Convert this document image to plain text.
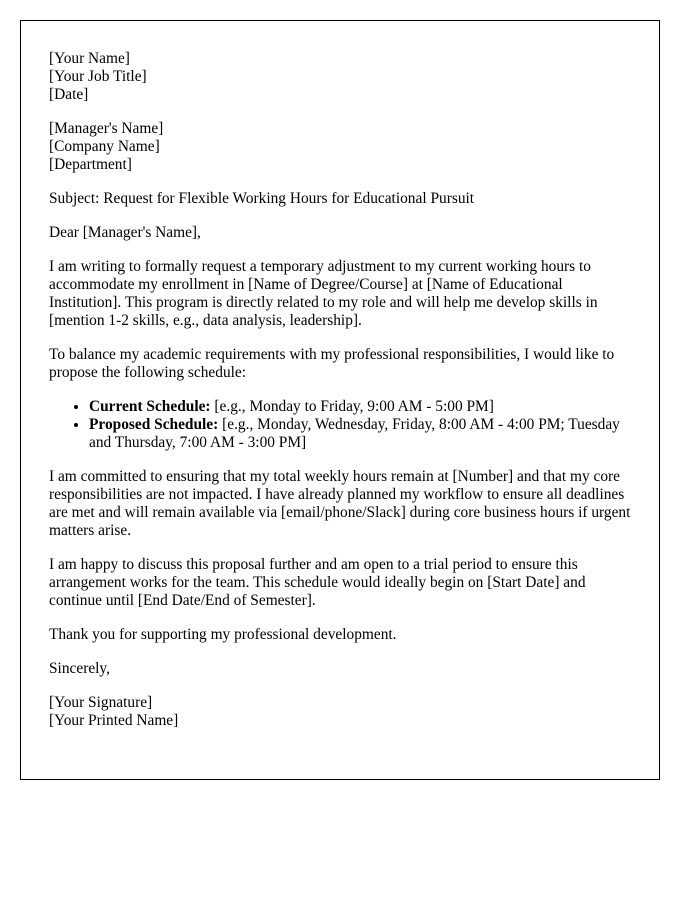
[Your Name]
[Your Job Title]
[Date]
[Manager's Name]
[Company Name]
[Department]

Subject: Request for Flexible Working Hours for Educational Pursuit

Dear [Manager's Name],

I am writing to formally request a temporary adjustment to my current working hours to accommodate my enrollment in [Name of Degree/Course] at [Name of Educational Institution]. This program is directly related to my role and will help me develop skills in [mention 1-2 skills, e.g., data analysis, leadership].

To balance my academic requirements with my professional responsibilities, I would like to propose the following schedule:

• Current Schedule: [e.g., Monday to Friday, 9:00 AM - 5:00 PM]
• Proposed Schedule: [e.g., Monday, Wednesday, Friday, 8:00 AM - 4:00 PM; Tuesday and Thursday, 7:00 AM - 3:00 PM]

I am committed to ensuring that my total weekly hours remain at [Number] and that my core responsibilities are not impacted. I have already planned my workflow to ensure all deadlines are met and will remain available via [email/phone/Slack] during core business hours if urgent matters arise.

I am happy to discuss this proposal further and am open to a trial period to ensure this arrangement works for the team. This schedule would ideally begin on [Start Date] and continue until [End Date/End of Semester].

Thank you for supporting my professional development.

Sincerely,

[Your Signature]
[Your Printed Name]
